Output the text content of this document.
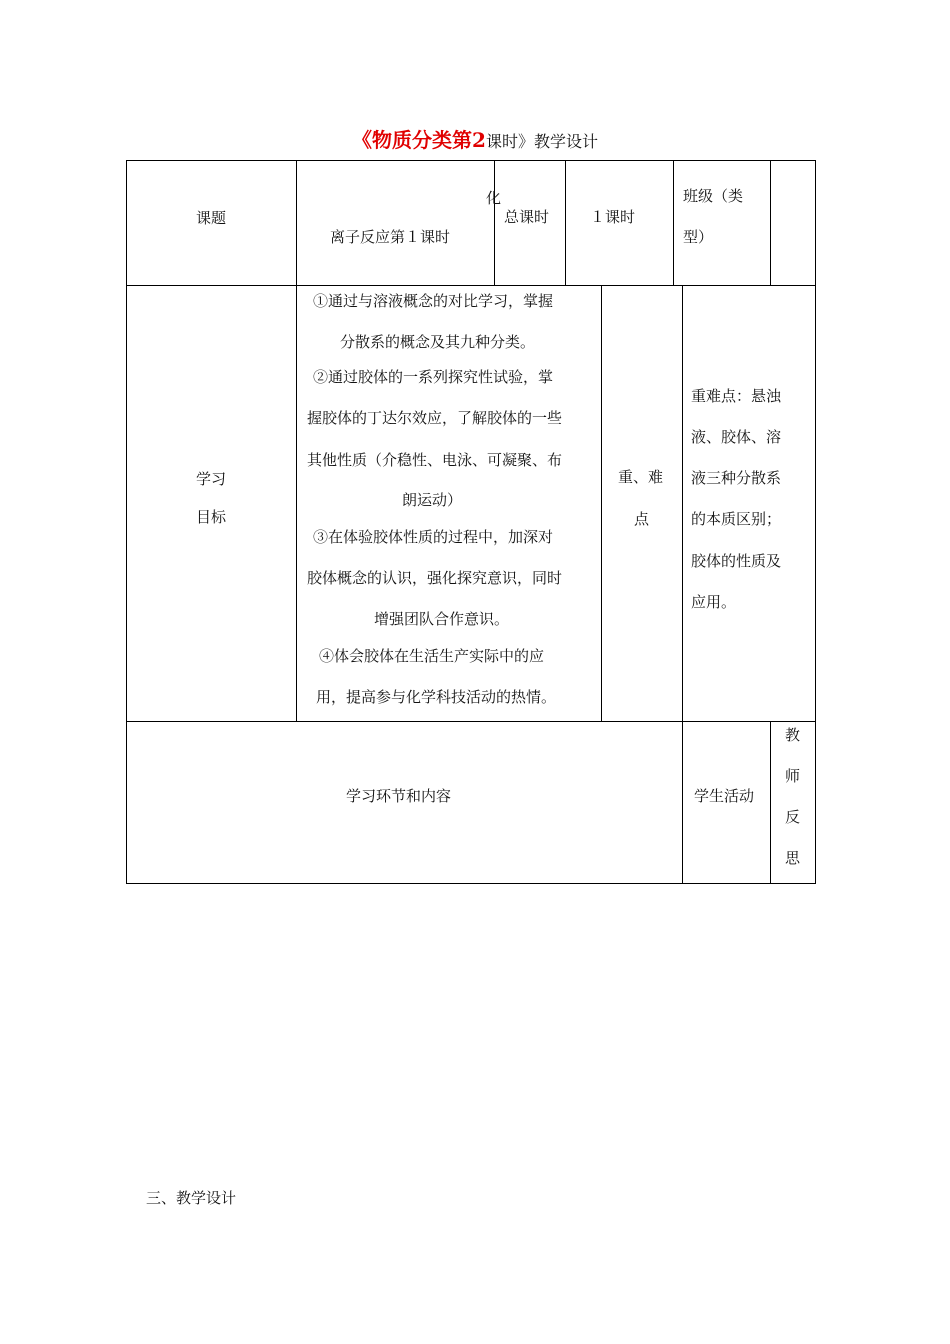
《物质分类第2课时》教学设计
课题
化
离子反应第１课时
总课时	１课时
班级（类
型）
学习
目标
①通过与溶液概念的对比学习，掌握
分散系的概念及其九种分类。
②通过胶体的一系列探究性试验，掌
握胶体的丁达尔效应，了解胶体的一些
其他性质（介稳性、电泳、可凝聚、布
朗运动）
③在体验胶体性质的过程中，加深对
胶体概念的认识，强化探究意识，同时
增强团队合作意识。
④体会胶体在生活生产实际中的应
用，提高参与化学科技活动的热情。
重、难
点
重难点：悬浊
液、胶体、溶
液三种分散系
的本质区别；
胶体的性质及
应用。
学习环节和内容	学生活动
教
师
反
思
三、教学设计
